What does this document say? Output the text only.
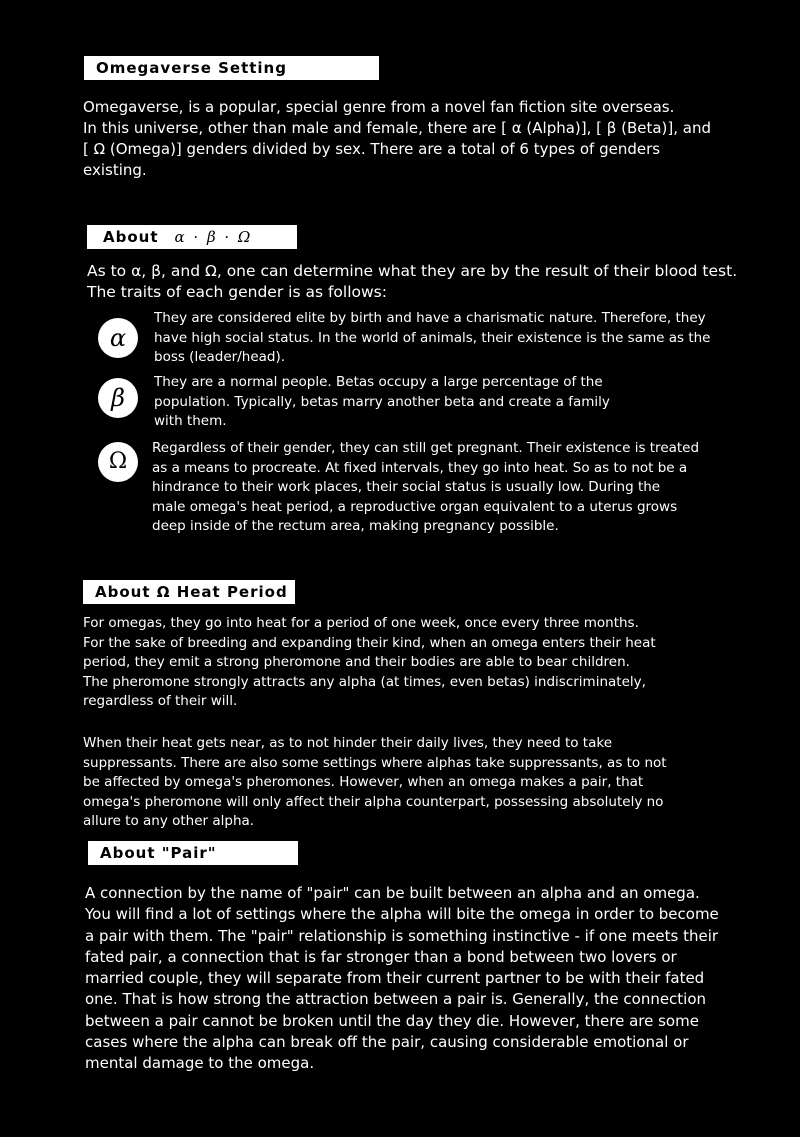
Omegaverse Setting
Omegaverse, is a popular, special genre from a novel fan fiction site overseas.
In this universe, other than male and female, there are [ α (Alpha)], [ β (Beta)], and
[ Ω (Omega)] genders divided by sex. There are a total of 6 types of genders
existing.
About α · β · Ω
As to α, β, and Ω, one can determine what they are by the result of their blood test.
The traits of each gender is as follows:
α
They are considered elite by birth and have a charismatic nature. Therefore, they
have high social status. In the world of animals, their existence is the same as the
boss (leader/head).
β
They are a normal people. Betas occupy a large percentage of the
population. Typically, betas marry another beta and create a family
with them.
Ω
Regardless of their gender, they can still get pregnant. Their existence is treated
as a means to procreate. At fixed intervals, they go into heat. So as to not be a
hindrance to their work places, their social status is usually low. During the
male omega's heat period, a reproductive organ equivalent to a uterus grows
deep inside of the rectum area, making pregnancy possible.
About Ω Heat Period
For omegas, they go into heat for a period of one week, once every three months.
For the sake of breeding and expanding their kind, when an omega enters their heat
period, they emit a strong pheromone and their bodies are able to bear children.
The pheromone strongly attracts any alpha (at times, even betas) indiscriminately,
regardless of their will.
When their heat gets near, as to not hinder their daily lives, they need to take
suppressants. There are also some settings where alphas take suppressants, as to not
be affected by omega's pheromones. However, when an omega makes a pair, that
omega's pheromone will only affect their alpha counterpart, possessing absolutely no
allure to any other alpha.
About "Pair"
A connection by the name of "pair" can be built between an alpha and an omega.
You will find a lot of settings where the alpha will bite the omega in order to become
a pair with them. The "pair" relationship is something instinctive - if one meets their
fated pair, a connection that is far stronger than a bond between two lovers or
married couple, they will separate from their current partner to be with their fated
one. That is how strong the attraction between a pair is. Generally, the connection
between a pair cannot be broken until the day they die. However, there are some
cases where the alpha can break off the pair, causing considerable emotional or
mental damage to the omega.
